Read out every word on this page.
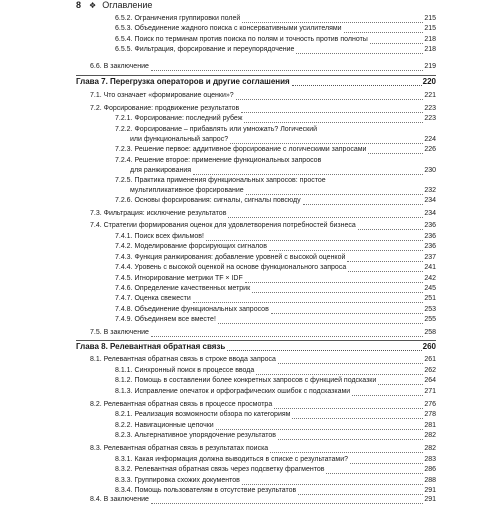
8 ❖ Оглавление
6.5.2. Ограничения группировки полей	215
6.5.3. Объединение жадного поиска с консервативными усилителями	215
6.5.4. Поиск по терминам против поиска по полям и точность против полноты	218
6.5.5. Фильтрация, форсирование и переупорядочение	218
6.6. В заключение	219
Глава 7. Перегрузка операторов и другие соглашения	220
7.1. Что означает «формирование оценки»?	221
7.2. Форсирование: продвижение результатов	223
7.2.1. Форсирование: последний рубеж	223
7.2.2. Форсирование – прибавлять или умножать? Логический
или функциональный запрос?	224
7.2.3. Решение первое: аддитивное форсирование с логическими запросами	226
7.2.4. Решение второе: применение функциональных запросов
для ранжирования	230
7.2.5. Практика применения функциональных запросов: простое
мультипликативное форсирование	232
7.2.6. Основы форсирования: сигналы, сигналы повсюду	234
7.3. Фильтрация: исключение результатов	234
7.4. Стратегии формирования оценок для удовлетворения потребностей бизнеса	236
7.4.1. Поиск всех фильмов!	236
7.4.2. Моделирование форсирующих сигналов	236
7.4.3. Функция ранжирования: добавление уровней с высокой оценкой	237
7.4.4. Уровень с высокой оценкой на основе функционального запроса	241
7.4.5. Игнорирование метрики TF × IDF	242
7.4.6. Определение качественных метрик	245
7.4.7. Оценка свежести	251
7.4.8. Объединение функциональных запросов	253
7.4.9. Объединяем все вместе!	255
7.5. В заключение	258
Глава 8. Релевантная обратная связь	260
8.1. Релевантная обратная связь в строке ввода запроса	261
8.1.1. Синхронный поиск в процессе ввода	262
8.1.2. Помощь в составлении более конкретных запросов с функцией подсказки	264
8.1.3. Исправление опечаток и орфографических ошибок с подсказками	271
8.2. Релевантная обратная связь в процессе просмотра	276
8.2.1. Реализация возможности обзора по категориям	278
8.2.2. Навигационные цепочки	281
8.2.3. Альтернативное упорядочение результатов	282
8.3. Релевантная обратная связь в результатах поиска	282
8.3.1. Какая информация должна выводиться в списке с результатами?	283
8.3.2. Релевантная обратная связь через подсветку фрагментов	286
8.3.3. Группировка схожих документов	288
8.3.4. Помощь пользователям в отсутствие результатов	291
8.4. В заключение	291
